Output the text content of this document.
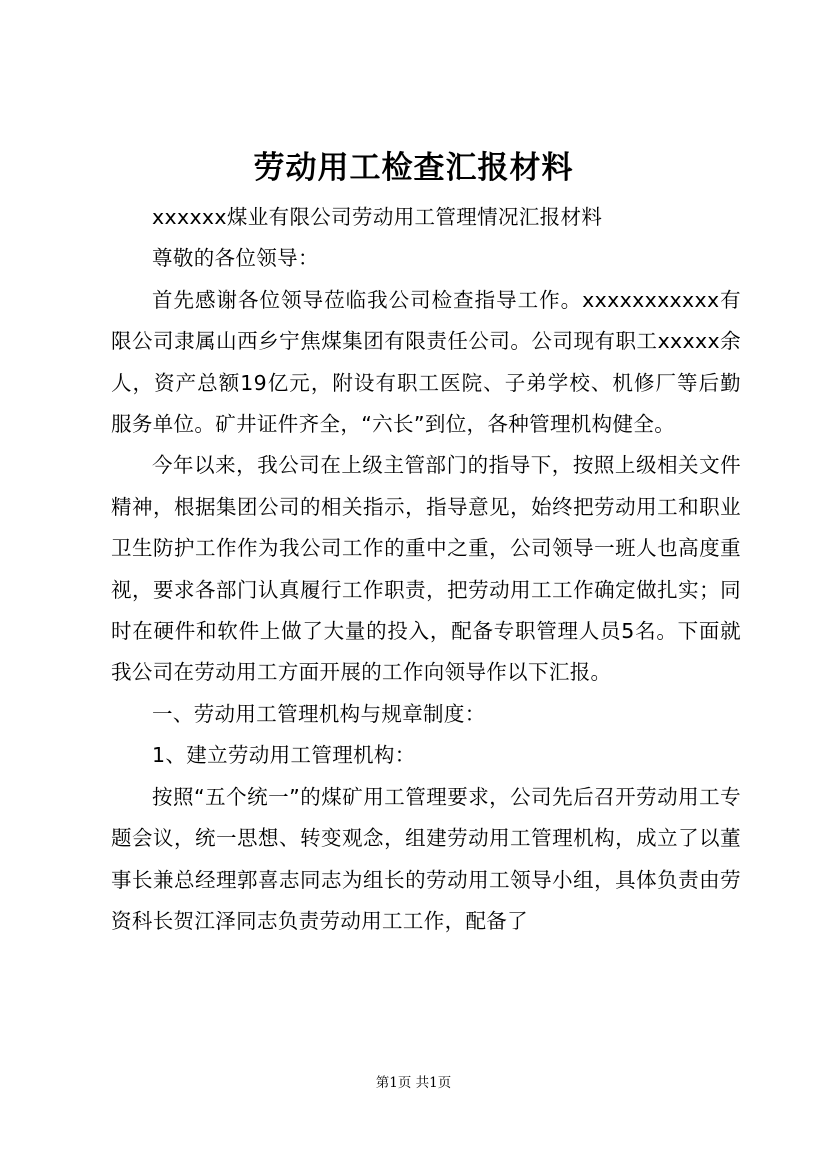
劳动用工检查汇报材料

xxxxxx煤业有限公司劳动用工管理情况汇报材料

尊敬的各位领导：

首先感谢各位领导莅临我公司检查指导工作。xxxxxxxxxxx有限公司隶属山西乡宁焦煤集团有限责任公司。公司现有职工xxxxx余人，资产总额19亿元，附设有职工医院、子弟学校、机修厂等后勤服务单位。矿井证件齐全，“六长”到位，各种管理机构健全。

今年以来，我公司在上级主管部门的指导下，按照上级相关文件精神，根据集团公司的相关指示，指导意见，始终把劳动用工和职业卫生防护工作作为我公司工作的重中之重，公司领导一班人也高度重视，要求各部门认真履行工作职责，把劳动用工工作确定做扎实；同时在硬件和软件上做了大量的投入，配备专职管理人员5名。下面就我公司在劳动用工方面开展的工作向领导作以下汇报。

一、劳动用工管理机构与规章制度：

1、建立劳动用工管理机构：

按照“五个统一”的煤矿用工管理要求，公司先后召开劳动用工专题会议，统一思想、转变观念，组建劳动用工管理机构，成立了以董事长兼总经理郭喜志同志为组长的劳动用工领导小组，具体负责由劳资科长贺江泽同志负责劳动用工工作，配备了

第1页 共1页
